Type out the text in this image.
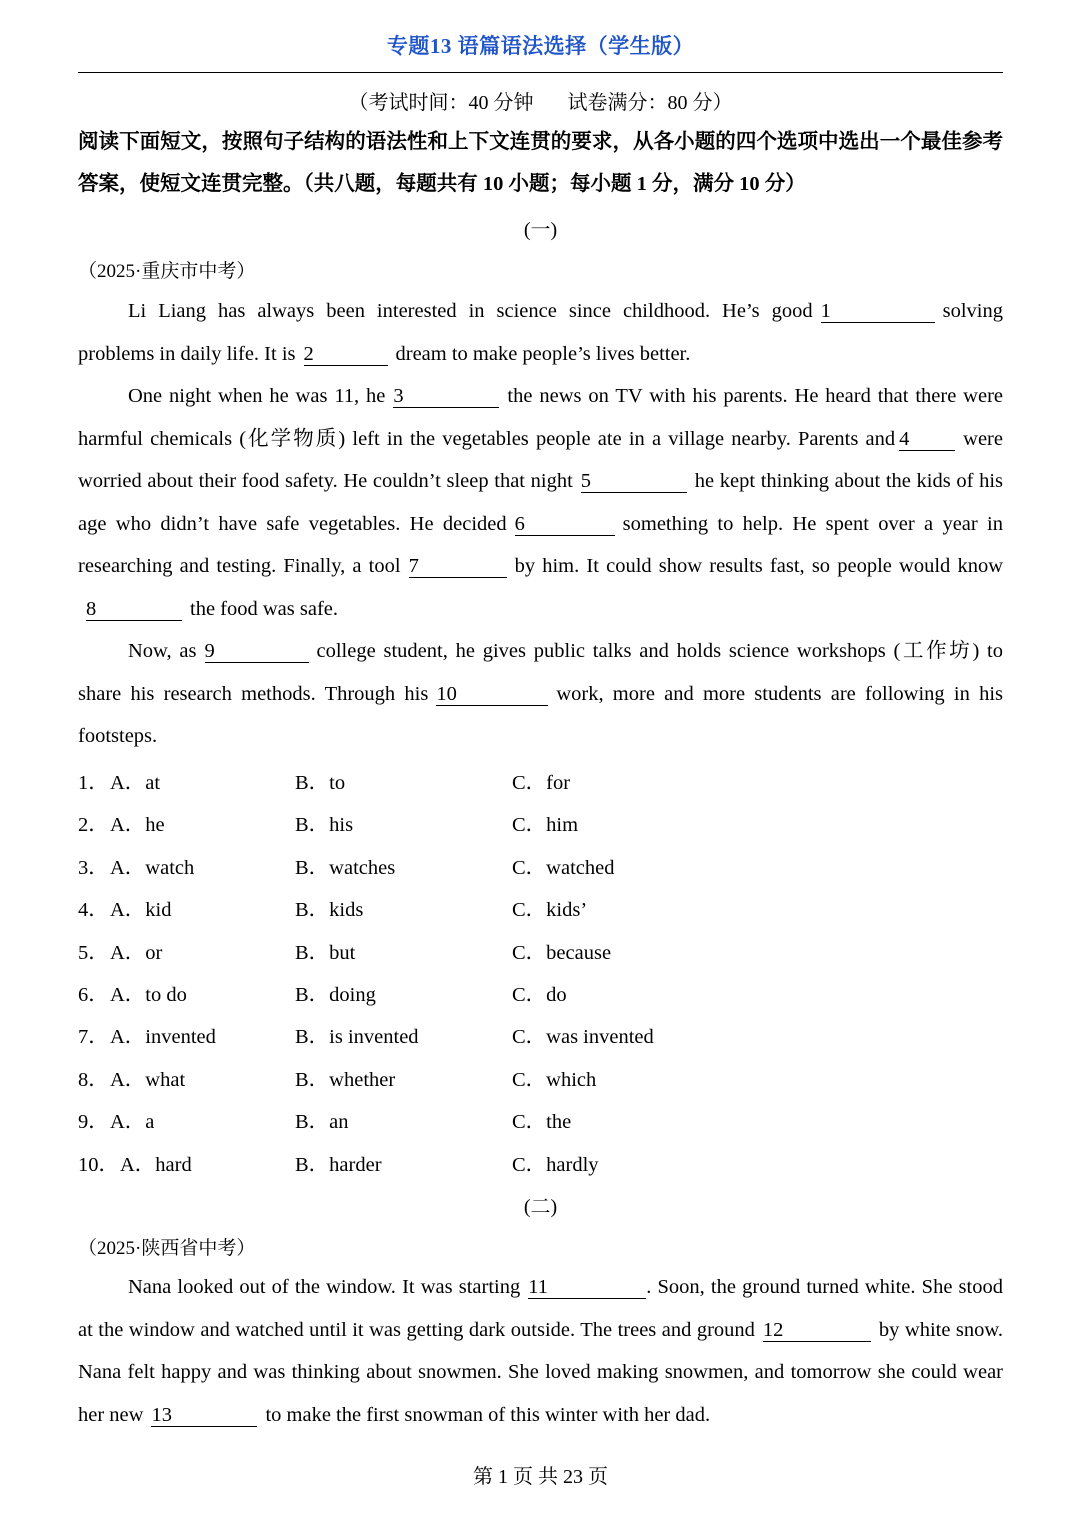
专题13 语篇语法选择（学生版）
（考试时间：40 分钟 试卷满分：80 分）
阅读下面短文，按照句子结构的语法性和上下文连贯的要求，从各小题的四个选项中选出一个最佳参考答案，使短文连贯完整。（共八题，每题共有 10 小题；每小题 1 分，满分 10 分）
(一)
（2025·重庆市中考）
Li Liang has always been interested in science since childhood. He’s good 1	solving problems in daily life. It is 2	dream to make people’s lives better.
One night when he was 11, he 3	the news on TV with his parents. He heard that there were harmful chemicals (化学物质) left in the vegetables people ate in a village nearby. Parents and 4	were worried about their food safety. He couldn’t sleep that night 5	he kept thinking about the kids of his age who didn’t have safe vegetables. He decided 6	something to help. He spent over a year in researching and testing. Finally, a tool 7	by him. It could show results fast, so people would know8	the food was safe.
Now, as 9	college student, he gives public talks and holds science workshops (工作坊) to share his research methods. Through his 10	work, more and more students are following in his footsteps.
1． A．at	B．to	C．for
2． A．he	B．his	C．him
3． A．watch	B．watches	C．watched
4． A．kid	B．kids	C．kids’
5． A．or	B．but	C．because
6． A．to do	B．doing	C．do
7． A．invented	B．is invented	C．was invented
8． A．what	B．whether	C．which
9． A．a	B．an	C．the
10． A．hard	B．harder	C．hardly
(二)
（2025·陕西省中考）
Nana looked out of the window. It was starting 11	. Soon, the ground turned white. She stood at the window and watched until it was getting dark outside. The trees and ground 12	by white snow. Nana felt happy and was thinking about snowmen. She loved making snowmen, and tomorrow she could wear her new 13	to make the first snowman of this winter with her dad.
第 1 页 共 23 页
